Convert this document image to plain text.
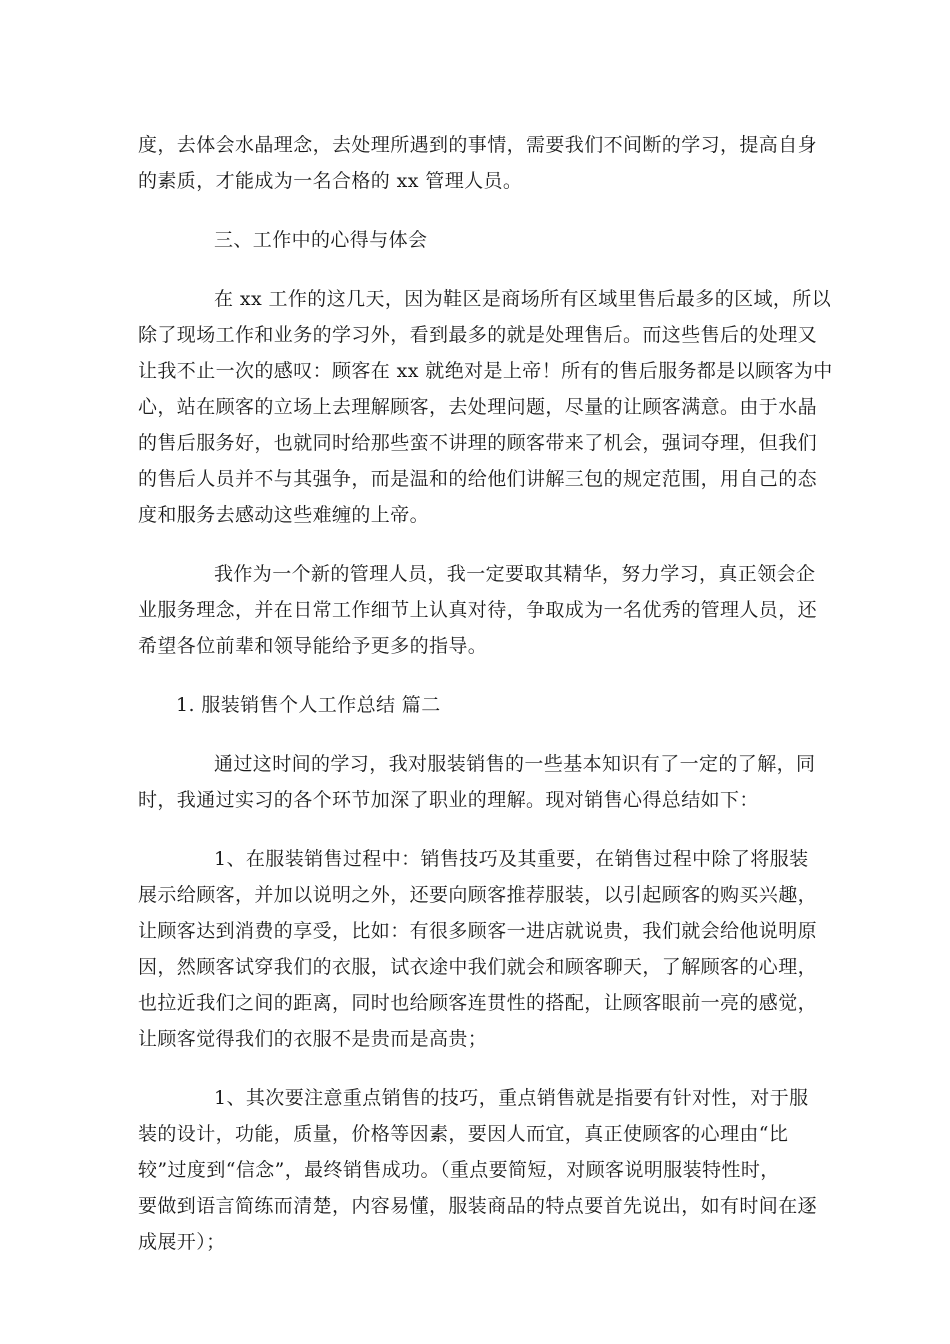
度，去体会水晶理念，去处理所遇到的事情，需要我们不间断的学习，提高自身
的素质，才能成为一名合格的 xx 管理人员。

三、工作中的心得与体会

在 xx 工作的这几天，因为鞋区是商场所有区域里售后最多的区域，所以
除了现场工作和业务的学习外，看到最多的就是处理售后。而这些售后的处理又
让我不止一次的感叹：顾客在 xx 就绝对是上帝！所有的售后服务都是以顾客为中
心，站在顾客的立场上去理解顾客，去处理问题，尽量的让顾客满意。由于水晶
的售后服务好，也就同时给那些蛮不讲理的顾客带来了机会，强词夺理，但我们
的售后人员并不与其强争，而是温和的给他们讲解三包的规定范围，用自己的态
度和服务去感动这些难缠的上帝。

我作为一个新的管理人员，我一定要取其精华，努力学习，真正领会企
业服务理念，并在日常工作细节上认真对待，争取成为一名优秀的管理人员，还
希望各位前辈和领导能给予更多的指导。

1. 服装销售个人工作总结 篇二

通过这时间的学习，我对服装销售的一些基本知识有了一定的了解，同
时，我通过实习的各个环节加深了职业的理解。现对销售心得总结如下：

1、在服装销售过程中：销售技巧及其重要，在销售过程中除了将服装
展示给顾客，并加以说明之外，还要向顾客推荐服装，以引起顾客的购买兴趣，
让顾客达到消费的享受，比如：有很多顾客一进店就说贵，我们就会给他说明原
因，然顾客试穿我们的衣服，试衣途中我们就会和顾客聊天，了解顾客的心理，
也拉近我们之间的距离，同时也给顾客连贯性的搭配，让顾客眼前一亮的感觉，
让顾客觉得我们的衣服不是贵而是高贵；

1、其次要注意重点销售的技巧，重点销售就是指要有针对性，对于服
装的设计，功能，质量，价格等因素，要因人而宜，真正使顾客的心理由“比
较”过度到“信念”，最终销售成功。（重点要简短，对顾客说明服装特性时，
要做到语言简练而清楚，内容易懂，服装商品的特点要首先说出，如有时间在逐
成展开）；
